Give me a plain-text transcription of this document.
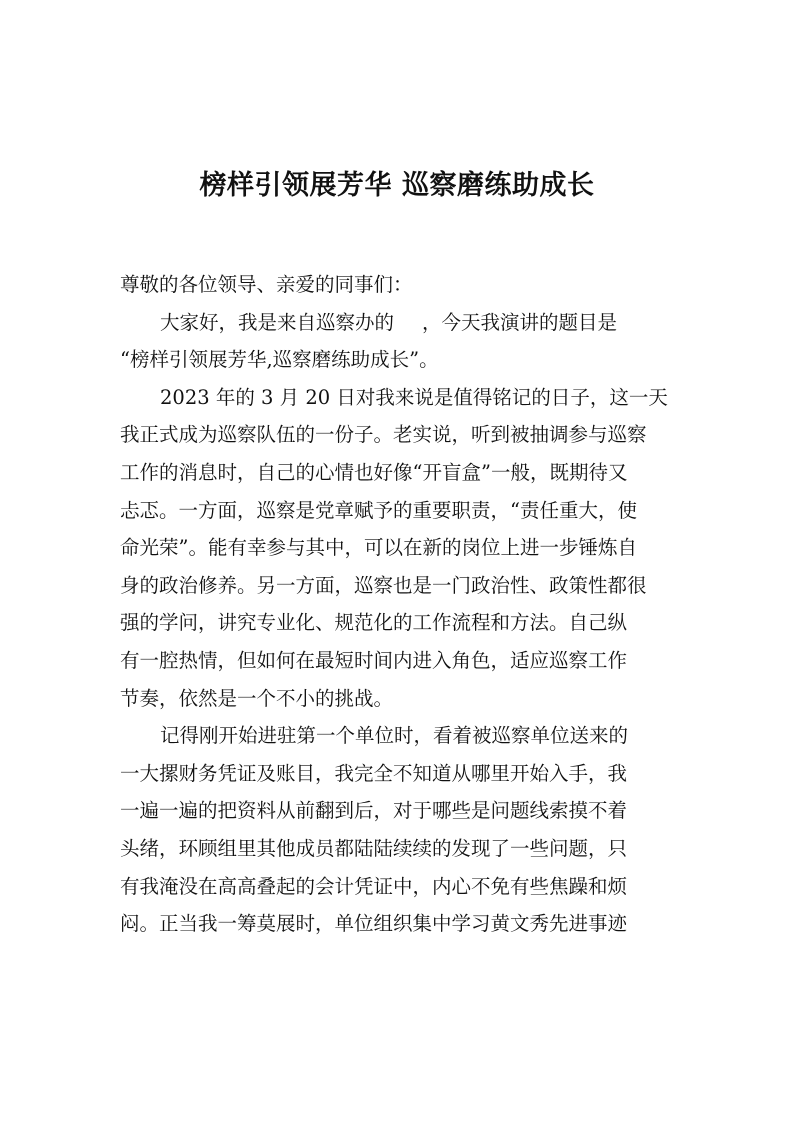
榜样引领展芳华 巡察磨练助成长
尊敬的各位领导、亲爱的同事们：
大家好，我是来自巡察办的 ，今天我演讲的题目是
“榜样引领展芳华,巡察磨练助成长”。
2023 年的 3 月 20 日对我来说是值得铭记的日子，这一天
我正式成为巡察队伍的一份子。老实说，听到被抽调参与巡察
工作的消息时，自己的心情也好像“开盲盒”一般，既期待又
忐忑。一方面，巡察是党章赋予的重要职责，“责任重大，使
命光荣”。能有幸参与其中，可以在新的岗位上进一步锤炼自
身的政治修养。另一方面，巡察也是一门政治性、政策性都很
强的学问，讲究专业化、规范化的工作流程和方法。自己纵
有一腔热情，但如何在最短时间内进入角色，适应巡察工作
节奏，依然是一个不小的挑战。
记得刚开始进驻第一个单位时，看着被巡察单位送来的
一大摞财务凭证及账目，我完全不知道从哪里开始入手，我
一遍一遍的把资料从前翻到后，对于哪些是问题线索摸不着
头绪，环顾组里其他成员都陆陆续续的发现了一些问题，只
有我淹没在高高叠起的会计凭证中，内心不免有些焦躁和烦
闷。正当我一筹莫展时，单位组织集中学习黄文秀先进事迹
